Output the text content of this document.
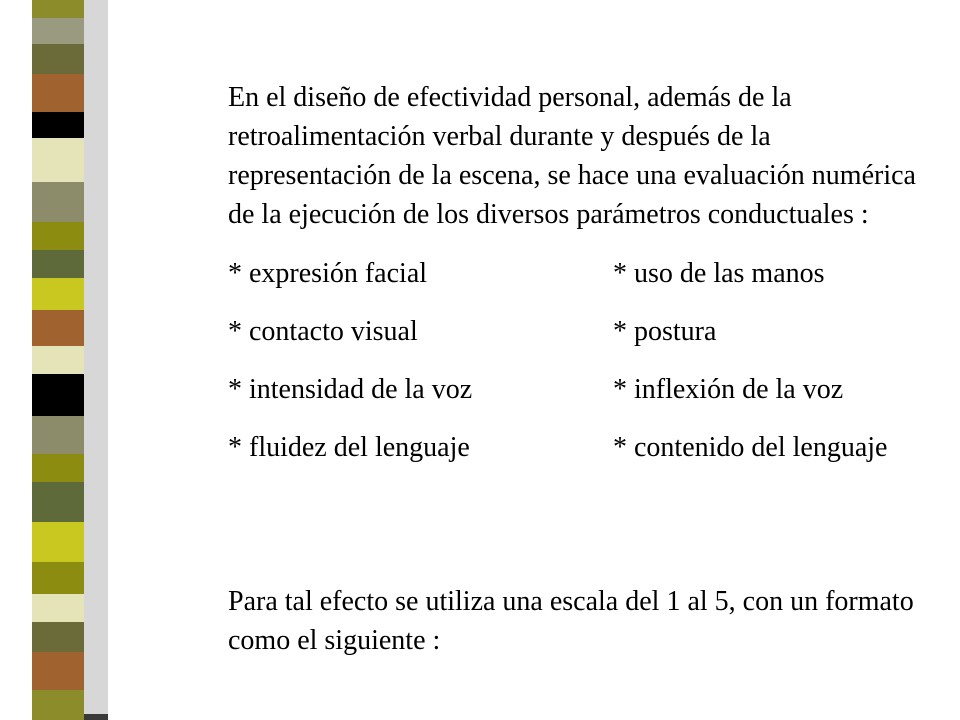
En el diseño de efectividad personal, además de la retroalimentación verbal durante y después de la representación de la escena, se hace una evaluación numérica de la ejecución de los diversos parámetros conductuales :

* expresión facial	* uso de las manos
* contacto visual	* postura
* intensidad de la voz	* inflexión de la voz
* fluidez del lenguaje	* contenido del lenguaje

Para tal efecto se utiliza una escala del 1 al 5, con un formato como el siguiente :
